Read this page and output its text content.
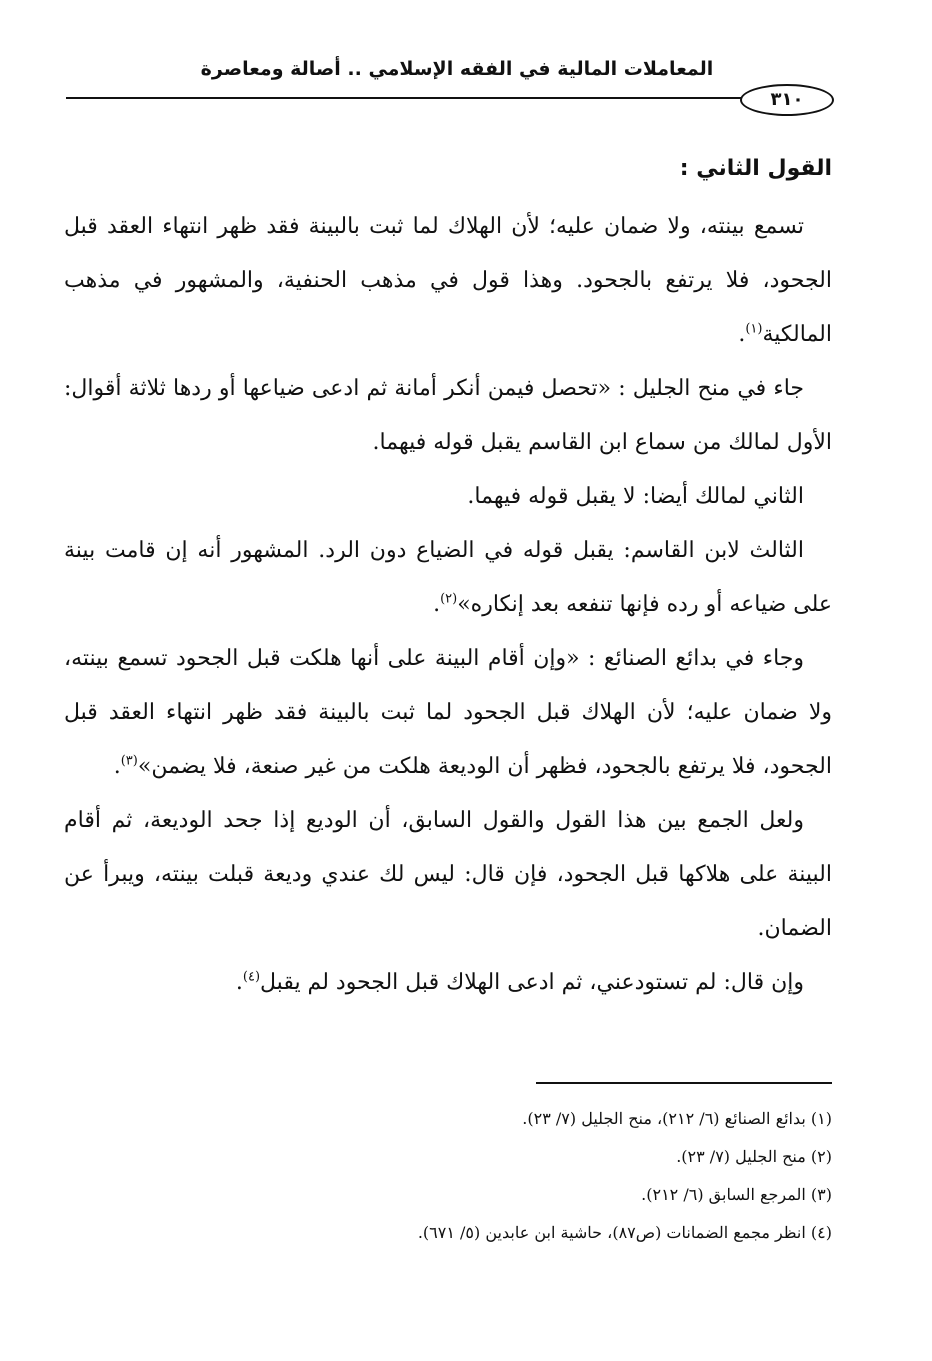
المعاملات المالية في الفقه الإسلامي .. أصالة ومعاصرة
٣١٠

القول الثاني :

تسمع بينته، ولا ضمان عليه؛ لأن الهلاك لما ثبت بالبينة فقد ظهر انتهاء العقد قبل الجحود، فلا يرتفع بالجحود. وهذا قول في مذهب الحنفية، والمشهور في مذهب المالكية$^{(١)}$.

جاء في منح الجليل : «تحصل فيمن أنكر أمانة ثم ادعى ضياعها أو ردها ثلاثة أقوال: الأول لمالك من سماع ابن القاسم يقبل قوله فيهما.

الثاني لمالك أيضا: لا يقبل قوله فيهما.

الثالث لابن القاسم: يقبل قوله في الضياع دون الرد. المشهور أنه إن قامت بينة على ضياعه أو رده فإنها تنفعه بعد إنكاره»$^{(٢)}$.

وجاء في بدائع الصنائع : «وإن أقام البينة على أنها هلكت قبل الجحود تسمع بينته، ولا ضمان عليه؛ لأن الهلاك قبل الجحود لما ثبت بالبينة فقد ظهر انتهاء العقد قبل الجحود، فلا يرتفع بالجحود، فظهر أن الوديعة هلكت من غير صنعة، فلا يضمن»$^{(٣)}$.

ولعل الجمع بين هذا القول والقول السابق، أن الوديع إذا جحد الوديعة، ثم أقام البينة على هلاكها قبل الجحود، فإن قال: ليس لك عندي وديعة قبلت بينته، ويبرأ عن الضمان.

وإن قال: لم تستودعني، ثم ادعى الهلاك قبل الجحود لم يقبل$^{(٤)}$.

(١) بدائع الصنائع (٦/ ٢١٢)، منح الجليل (٧/ ٢٣).

(٢) منح الجليل (٧/ ٢٣).

(٣) المرجع السابق (٦/ ٢١٢).

(٤) انظر مجمع الضمانات (ص٨٧)، حاشية ابن عابدين (٥/ ٦٧١).
